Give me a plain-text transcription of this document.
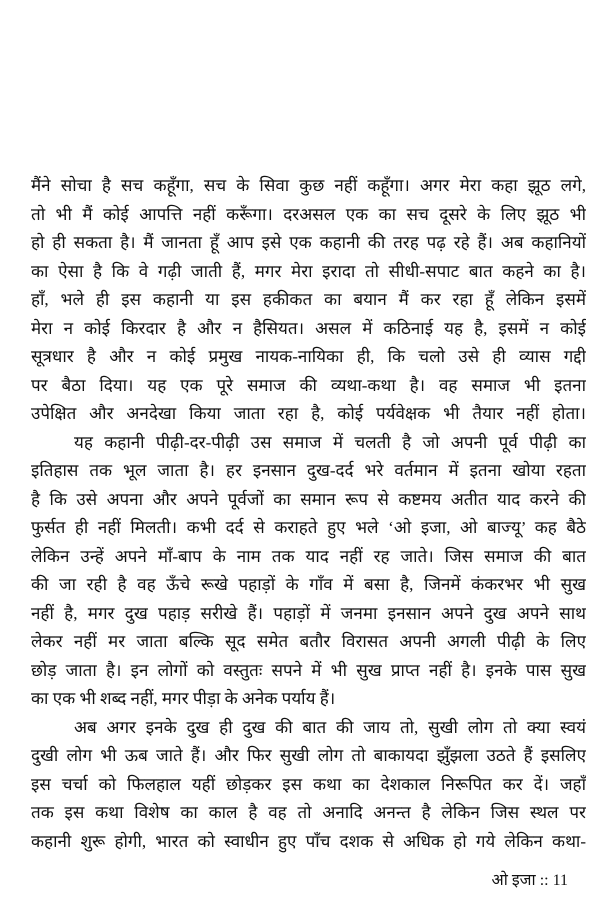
मैंने सोचा है सच कहूँगा, सच के सिवा कुछ नहीं कहूँगा। अगर मेरा कहा झूठ लगे,
तो भी मैं कोई आपत्ति नहीं करूँगा। दरअसल एक का सच दूसरे के लिए झूठ भी
हो ही सकता है। मैं जानता हूँ आप इसे एक कहानी की तरह पढ़ रहे हैं। अब कहानियों
का ऐसा है कि वे गढ़ी जाती हैं, मगर मेरा इरादा तो सीधी-सपाट बात कहने का है।
हाँ, भले ही इस कहानी या इस हकीकत का बयान मैं कर रहा हूँ लेकिन इसमें
मेरा न कोई किरदार है और न हैसियत। असल में कठिनाई यह है, इसमें न कोई
सूत्रधार है और न कोई प्रमुख नायक-नायिका ही, कि चलो उसे ही व्यास गद्दी
पर बैठा दिया। यह एक पूरे समाज की व्यथा-कथा है। वह समाज भी इतना
उपेक्षित और अनदेखा किया जाता रहा है, कोई पर्यवेक्षक भी तैयार नहीं होता।
यह कहानी पीढ़ी-दर-पीढ़ी उस समाज में चलती है जो अपनी पूर्व पीढ़ी का
इतिहास तक भूल जाता है। हर इनसान दुख-दर्द भरे वर्तमान में इतना खोया रहता
है कि उसे अपना और अपने पूर्वजों का समान रूप से कष्टमय अतीत याद करने की
फुर्सत ही नहीं मिलती। कभी दर्द से कराहते हुए भले ‘ओ इजा, ओ बाज्यू’ कह बैठे
लेकिन उन्हें अपने माँ-बाप के नाम तक याद नहीं रह जाते। जिस समाज की बात
की जा रही है वह ऊँचे रूखे पहाड़ों के गाँव में बसा है, जिनमें कंकरभर भी सुख
नहीं है, मगर दुख पहाड़ सरीखे हैं। पहाड़ों में जनमा इनसान अपने दुख अपने साथ
लेकर नहीं मर जाता बल्कि सूद समेत बतौर विरासत अपनी अगली पीढ़ी के लिए
छोड़ जाता है। इन लोगों को वस्तुतः सपने में भी सुख प्राप्त नहीं है। इनके पास सुख
का एक भी शब्द नहीं, मगर पीड़ा के अनेक पर्याय हैं।
अब अगर इनके दुख ही दुख की बात की जाय तो, सुखी लोग तो क्या स्वयं
दुखी लोग भी ऊब जाते हैं। और फिर सुखी लोग तो बाकायदा झुँझला उठते हैं इसलिए
इस चर्चा को फिलहाल यहीं छोड़कर इस कथा का देशकाल निरूपित कर दें। जहाँ
तक इस कथा विशेष का काल है वह तो अनादि अनन्त है लेकिन जिस स्थल पर
कहानी शुरू होगी, भारत को स्वाधीन हुए पाँच दशक से अधिक हो गये लेकिन कथा-
ओ इजा :: 11
